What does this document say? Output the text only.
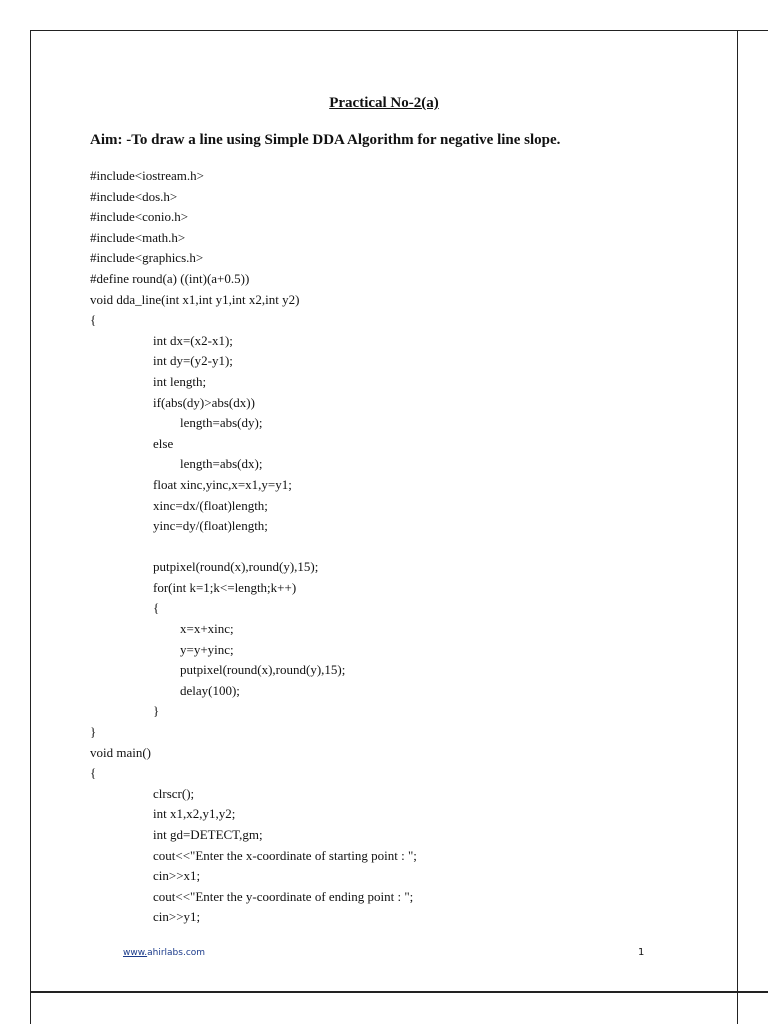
Practical No-2(a)
Aim: -To draw a line using Simple DDA Algorithm for negative line slope.
#include<iostream.h>
#include<dos.h>
#include<conio.h>
#include<math.h>
#include<graphics.h>
#define round(a) ((int)(a+0.5))
void dda_line(int x1,int y1,int x2,int y2)
{
int dx=(x2-x1);
int dy=(y2-y1);
int length;
if(abs(dy)>abs(dx))
length=abs(dy);
else
length=abs(dx);
float xinc,yinc,x=x1,y=y1;
xinc=dx/(float)length;
yinc=dy/(float)length;
putpixel(round(x),round(y),15);
for(int k=1;k<=length;k++)
{
x=x+xinc;
y=y+yinc;
putpixel(round(x),round(y),15);
delay(100);
}
}
void main()
{
clrscr();
int x1,x2,y1,y2;
int gd=DETECT,gm;
cout<<"Enter the x-coordinate of starting point : ";
cin>>x1;
cout<<"Enter the y-coordinate of ending point : ";
cin>>y1;
www.ahirlabs.com	1
